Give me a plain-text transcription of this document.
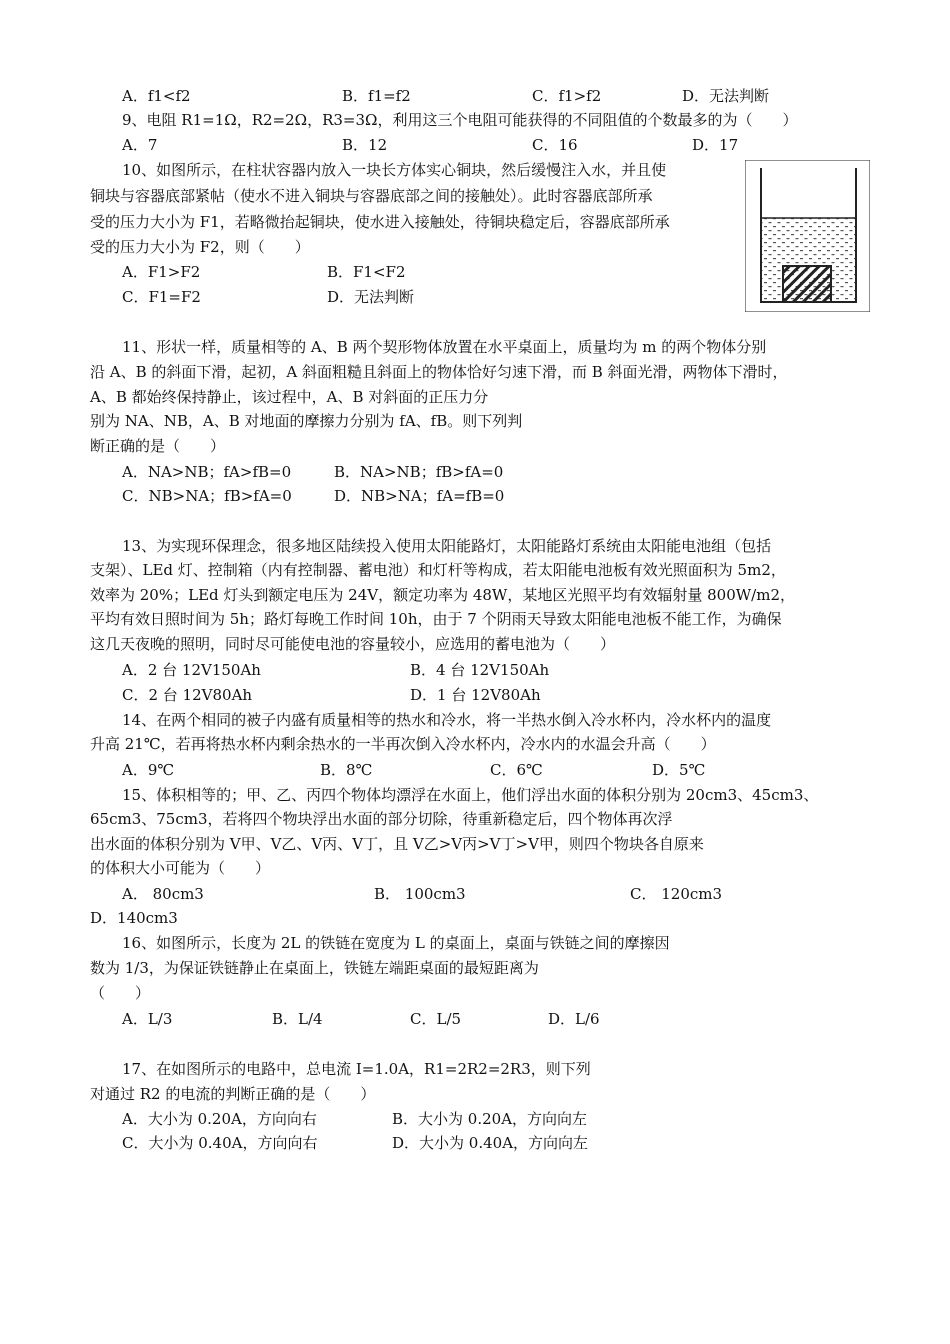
A．f1<f2	B．f1=f2	C．f1>f2	D．无法判断
9、电阻 R1=1Ω，R2=2Ω，R3=3Ω，利用这三个电阻可能获得的不同阻值的个数最多的为（　　）
A．7	B．12	C．16	D．17
10、如图所示，在柱状容器内放入一块长方体实心铜块，然后缓慢注入水，并且使
铜块与容器底部紧帖（使水不进入铜块与容器底部之间的接触处）。此时容器底部所承
受的压力大小为 F1，若略微抬起铜块，使水进入接触处，待铜块稳定后，容器底部所承
受的压力大小为 F2，则（　　）
A．F1>F2	B．F1<F2
C．F1=F2	D．无法判断
11、形状一样，质量相等的 A、B 两个契形物体放置在水平桌面上，质量均为 m 的两个物体分别
沿 A、B 的斜面下滑，起初，A 斜面粗糙且斜面上的物体恰好匀速下滑，而 B 斜面光滑，两物体下滑时，
A、B 都始终保持静止，该过程中，A、B 对斜面的正压力分
别为 NA、NB，A、B 对地面的摩擦力分别为 fA、fB。则下列判
断正确的是（　　）
A．NA>NB；fA>fB=0	B．NA>NB；fB>fA=0
C．NB>NA；fB>fA=0	D．NB>NA；fA=fB=0
13、为实现环保理念，很多地区陆续投入使用太阳能路灯，太阳能路灯系统由太阳能电池组（包括
支架）、LEd 灯、控制箱（内有控制器、蓄电池）和灯杆等构成，若太阳能电池板有效光照面积为 5m2，
效率为 20%；LEd 灯头到额定电压为 24V，额定功率为 48W，某地区光照平均有效辐射量 800W/m2，
平均有效日照时间为 5h；路灯每晚工作时间 10h，由于 7 个阴雨天导致太阳能电池板不能工作，为确保
这几天夜晚的照明，同时尽可能使电池的容量较小，应选用的蓄电池为（　　）
A．2 台 12V150Ah	B．4 台 12V150Ah
C．2 台 12V80Ah	D．1 台 12V80Ah
14、在两个相同的被子内盛有质量相等的热水和冷水，将一半热水倒入冷水杯内，冷水杯内的温度
升高 21℃，若再将热水杯内剩余热水的一半再次倒入冷水杯内，冷水内的水温会升高（　　）
A．9℃	B．8℃	C．6℃	D．5℃
15、体积相等的；甲、乙、丙四个物体均漂浮在水面上，他们浮出水面的体积分别为 20cm3、45cm3、
65cm3、75cm3，若将四个物块浮出水面的部分切除，待重新稳定后，四个物体再次浮
出水面的体积分别为 V甲、V乙、V丙、V丁，且 V乙>V丙>V丁>V甲，则四个物块各自原来
的体积大小可能为（　　）
A． 80cm3	B． 100cm3	C． 120cm3
D．140cm3
16、如图所示，长度为 2L 的铁链在宽度为 L 的桌面上，桌面与铁链之间的摩擦因
数为 1/3，为保证铁链静止在桌面上，铁链左端距桌面的最短距离为
（　　）
A．L/3	B．L/4	C．L/5	D．L/6
17、在如图所示的电路中，总电流 I=1.0A，R1=2R2=2R3，则下列
对通过 R2 的电流的判断正确的是（　　）
A．大小为 0.20A，方向向右	B．大小为 0.20A，方向向左
C．大小为 0.40A，方向向右	D．大小为 0.40A，方向向左
